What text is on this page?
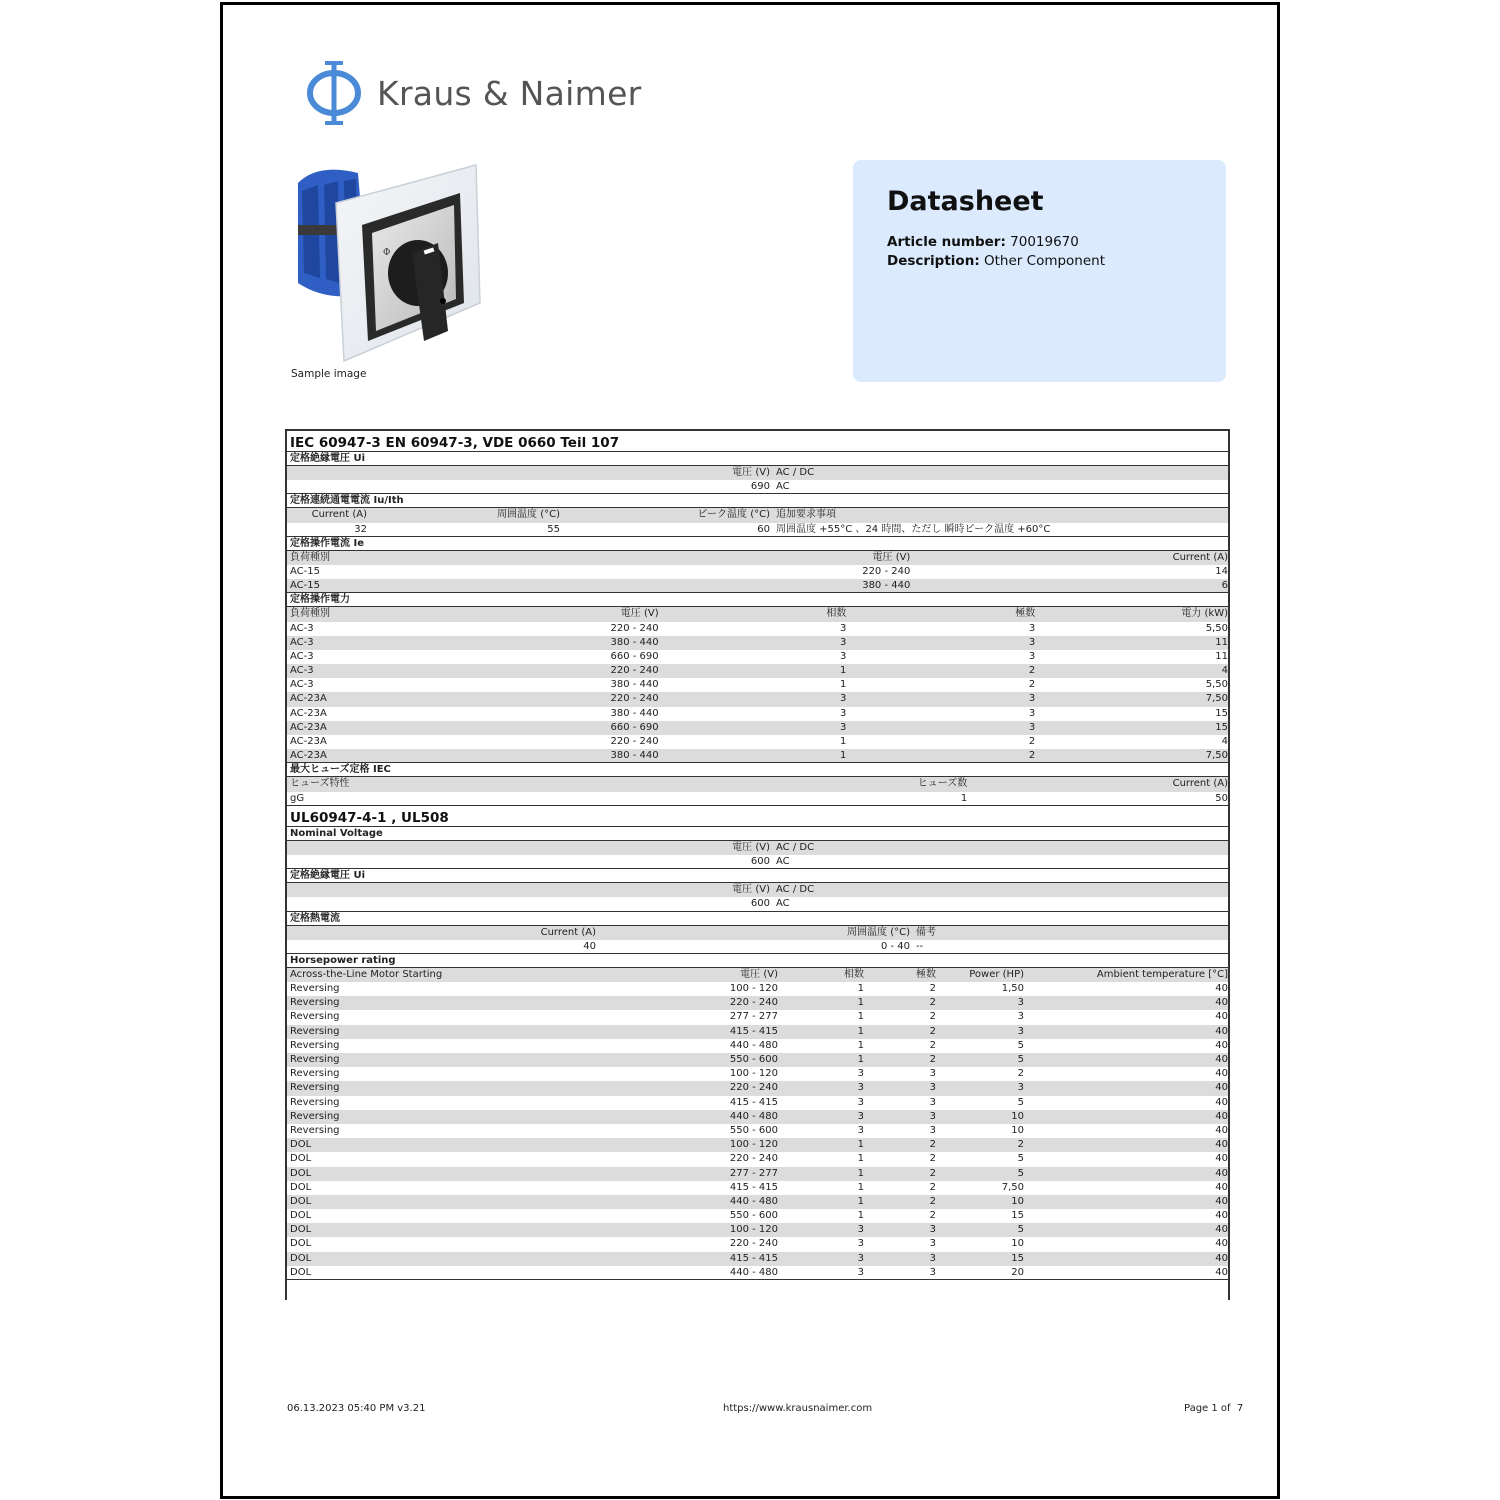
Kraus & Naimer
Φ
Sample image
Datasheet
Article number: 70019670
Description: Other Component
IEC 60947-3 EN 60947-3, VDE 0660 Teil 107
定格絶縁電圧 Ui
電圧 (V) AC / DC
690 AC
定格連続通電電流 Iu/Ith
Current (A)	周囲温度 (°C)	ピーク温度 (°C) 追加要求事項
32	55	60 周囲温度 +55°C 、24 時間、ただし 瞬時ピーク温度 +60°C
定格操作電流 Ie
負荷種別	電圧 (V)	Current (A)
AC-15	220 - 240	14
AC-15	380 - 440	6
定格操作電力
負荷種別	電圧 (V)	相数	極数	電力 (kW)
AC-3	220 - 240	3	3	5,50
AC-3	380 - 440	3	3	11
AC-3	660 - 690	3	3	11
AC-3	220 - 240	1	2	4
AC-3	380 - 440	1	2	5,50
AC-23A	220 - 240	3	3	7,50
AC-23A	380 - 440	3	3	15
AC-23A	660 - 690	3	3	15
AC-23A	220 - 240	1	2	4
AC-23A	380 - 440	1	2	7,50
最大ヒューズ定格 IEC
ヒューズ特性	ヒューズ数	Current (A)
gG	1	50
UL60947-4-1 , UL508
Nominal Voltage
電圧 (V) AC / DC
600 AC
定格絶縁電圧 Ui
電圧 (V) AC / DC
600 AC
定格熱電流
Current (A)	周囲温度 (°C) 備考
40	0 - 40 --
Horsepower rating
Across-the-Line Motor Starting	電圧 (V)	相数	極数	Power (HP)	Ambient temperature [°C]
Reversing	100 - 120	1	2	1,50	40
Reversing	220 - 240	1	2	3	40
Reversing	277 - 277	1	2	3	40
Reversing	415 - 415	1	2	3	40
Reversing	440 - 480	1	2	5	40
Reversing	550 - 600	1	2	5	40
Reversing	100 - 120	3	3	2	40
Reversing	220 - 240	3	3	3	40
Reversing	415 - 415	3	3	5	40
Reversing	440 - 480	3	3	10	40
Reversing	550 - 600	3	3	10	40
DOL	100 - 120	1	2	2	40
DOL	220 - 240	1	2	5	40
DOL	277 - 277	1	2	5	40
DOL	415 - 415	1	2	7,50	40
DOL	440 - 480	1	2	10	40
DOL	550 - 600	1	2	15	40
DOL	100 - 120	3	3	5	40
DOL	220 - 240	3	3	10	40
DOL	415 - 415	3	3	15	40
DOL	440 - 480	3	3	20	40
06.13.2023 05:40 PM v3.21	https://www.krausnaimer.com	Page 1 of  7
